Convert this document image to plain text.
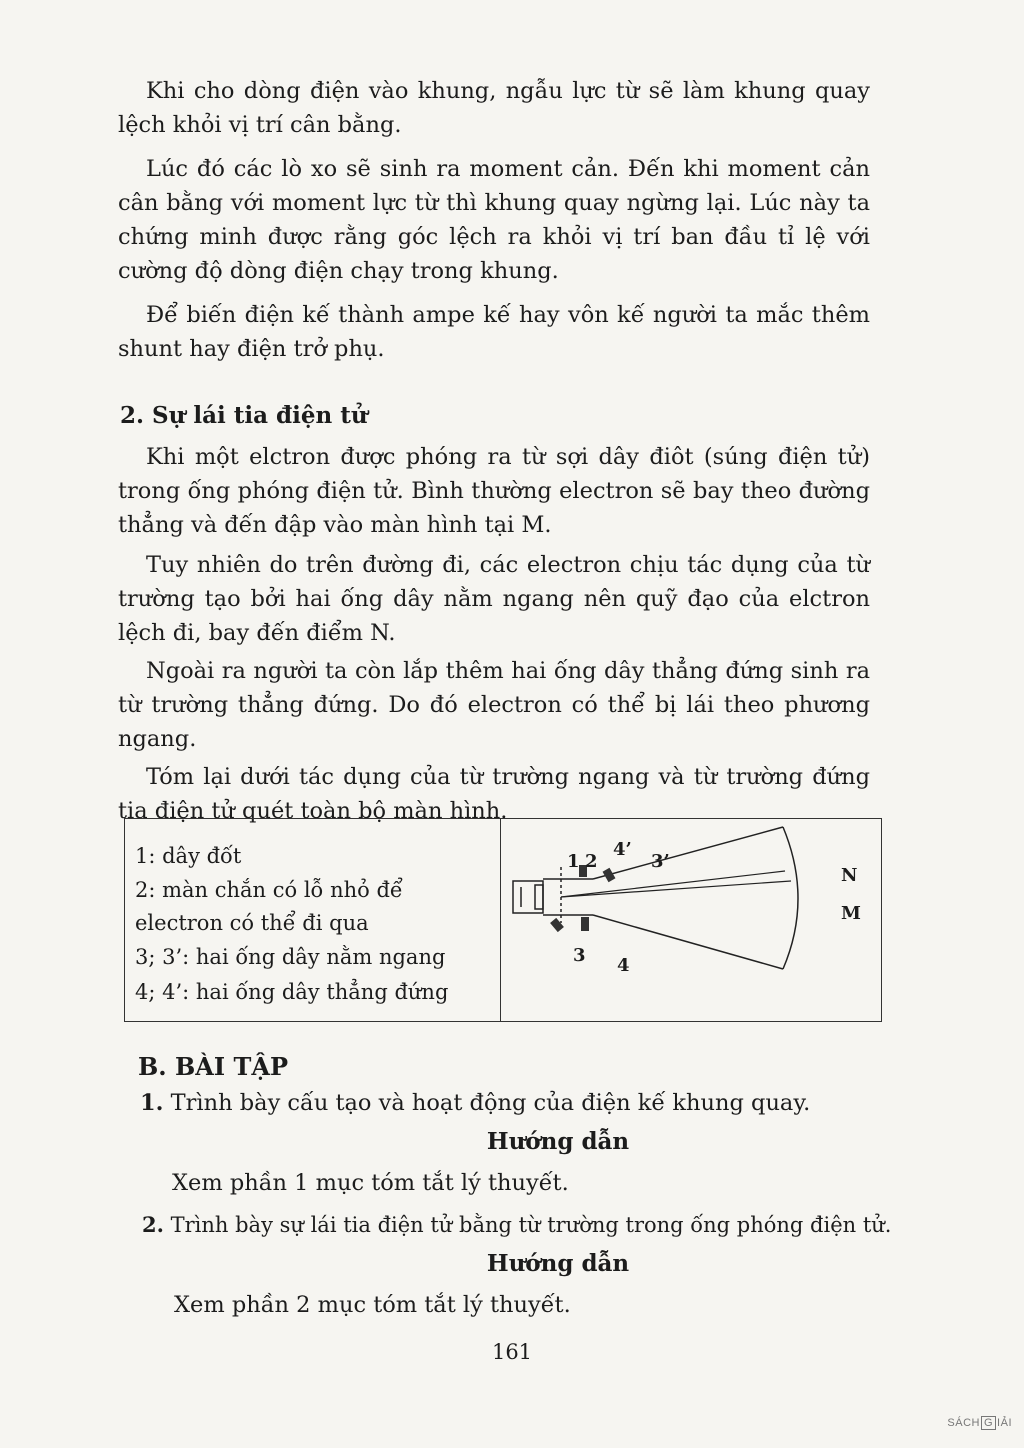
Khi cho dòng điện vào khung, ngẫu lực từ sẽ làm khung quay lệch khỏi vị trí cân bằng.

Lúc đó các lò xo sẽ sinh ra moment cản. Đến khi moment cản cân bằng với moment lực từ thì khung quay ngừng lại. Lúc này ta chứng minh được rằng góc lệch ra khỏi vị trí ban đầu tỉ lệ với cường độ dòng điện chạy trong khung.

Để biến điện kế thành ampe kế hay vôn kế người ta mắc thêm shunt hay điện trở phụ.

2. Sự lái tia điện tử

Khi một elctron được phóng ra từ sợi dây điôt (súng điện tử) trong ống phóng điện tử. Bình thường electron sẽ bay theo đường thẳng và đến đập vào màn hình tại M.

Tuy nhiên do trên đường đi, các electron chịu tác dụng của từ trường tạo bởi hai ống dây nằm ngang nên quỹ đạo của elctron lệch đi, bay đến điểm N.

Ngoài ra người ta còn lắp thêm hai ống dây thẳng đứng sinh ra từ trường thẳng đứng. Do đó electron có thể bị lái theo phương ngang.

Tóm lại dưới tác dụng của từ trường ngang và từ trường đứng tia điện tử quét toàn bộ màn hình.

1: dây đốt

2: màn chắn có lỗ nhỏ để electron có thể đi qua

3; 3’: hai ống dây nằm ngang

4; 4’: hai ống dây thẳng đứng

1 2
4’
3’
3 4
N
M
B. BÀI TẬP

1. Trình bày cấu tạo và hoạt động của điện kế khung quay.

Hướng dẫn

Xem phần 1 mục tóm tắt lý thuyết.

2. Trình bày sự lái tia điện tử bằng từ trường trong ống phóng điện tử.

Hướng dẫn

Xem phần 2 mục tóm tắt lý thuyết.

161
SÁCH G IẢI
